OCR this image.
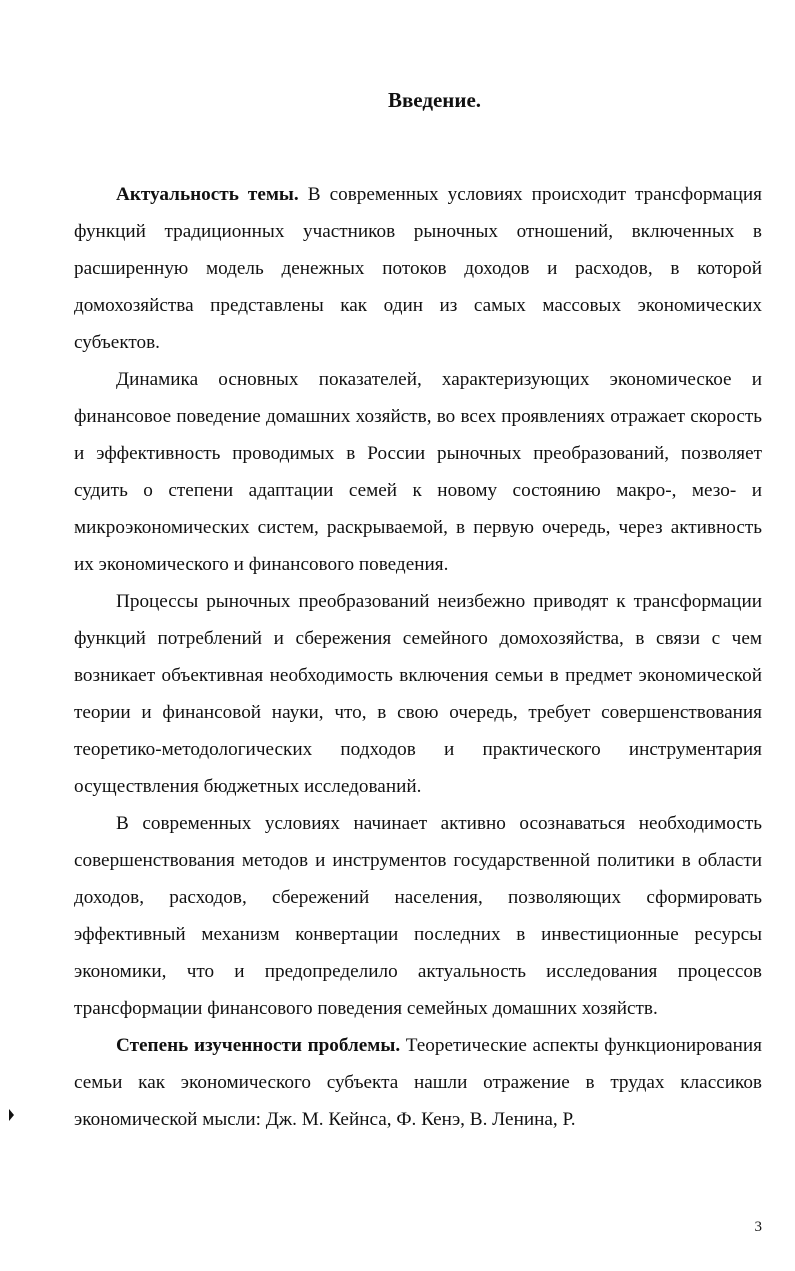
Введение.

Актуальность темы. В современных условиях происходит трансформация функций традиционных участников рыночных отношений, включенных в расширенную модель денежных потоков доходов и расходов, в которой домохозяйства представлены как один из самых массовых экономических субъектов.

Динамика основных показателей, характеризующих экономическое и финансовое поведение домашних хозяйств, во всех проявлениях отражает скорость и эффективность проводимых в России рыночных преобразований, позволяет судить о степени адаптации семей к новому состоянию макро-, мезо- и микроэкономических систем, раскрываемой, в первую очередь, через активность их экономического и финансового поведения.

Процессы рыночных преобразований неизбежно приводят к трансформации функций потреблений и сбережения семейного домохозяйства, в связи с чем возникает объективная необходимость включения семьи в предмет экономической теории и финансовой науки, что, в свою очередь, требует совершенствования теоретико-методологических подходов и практического инструментария осуществления бюджетных исследований.

В современных условиях начинает активно осознаваться необходимость совершенствования методов и инструментов государственной политики в области доходов, расходов, сбережений населения, позволяющих сформировать эффективный механизм конвертации последних в инвестиционные ресурсы экономики, что и предопределило актуальность исследования процессов трансформации финансового поведения семейных домашних хозяйств.

Степень изученности проблемы. Теоретические аспекты функционирования семьи как экономического субъекта нашли отражение в трудах классиков экономической мысли: Дж. М. Кейнса, Ф. Кенэ, В. Ленина, Р.

3
